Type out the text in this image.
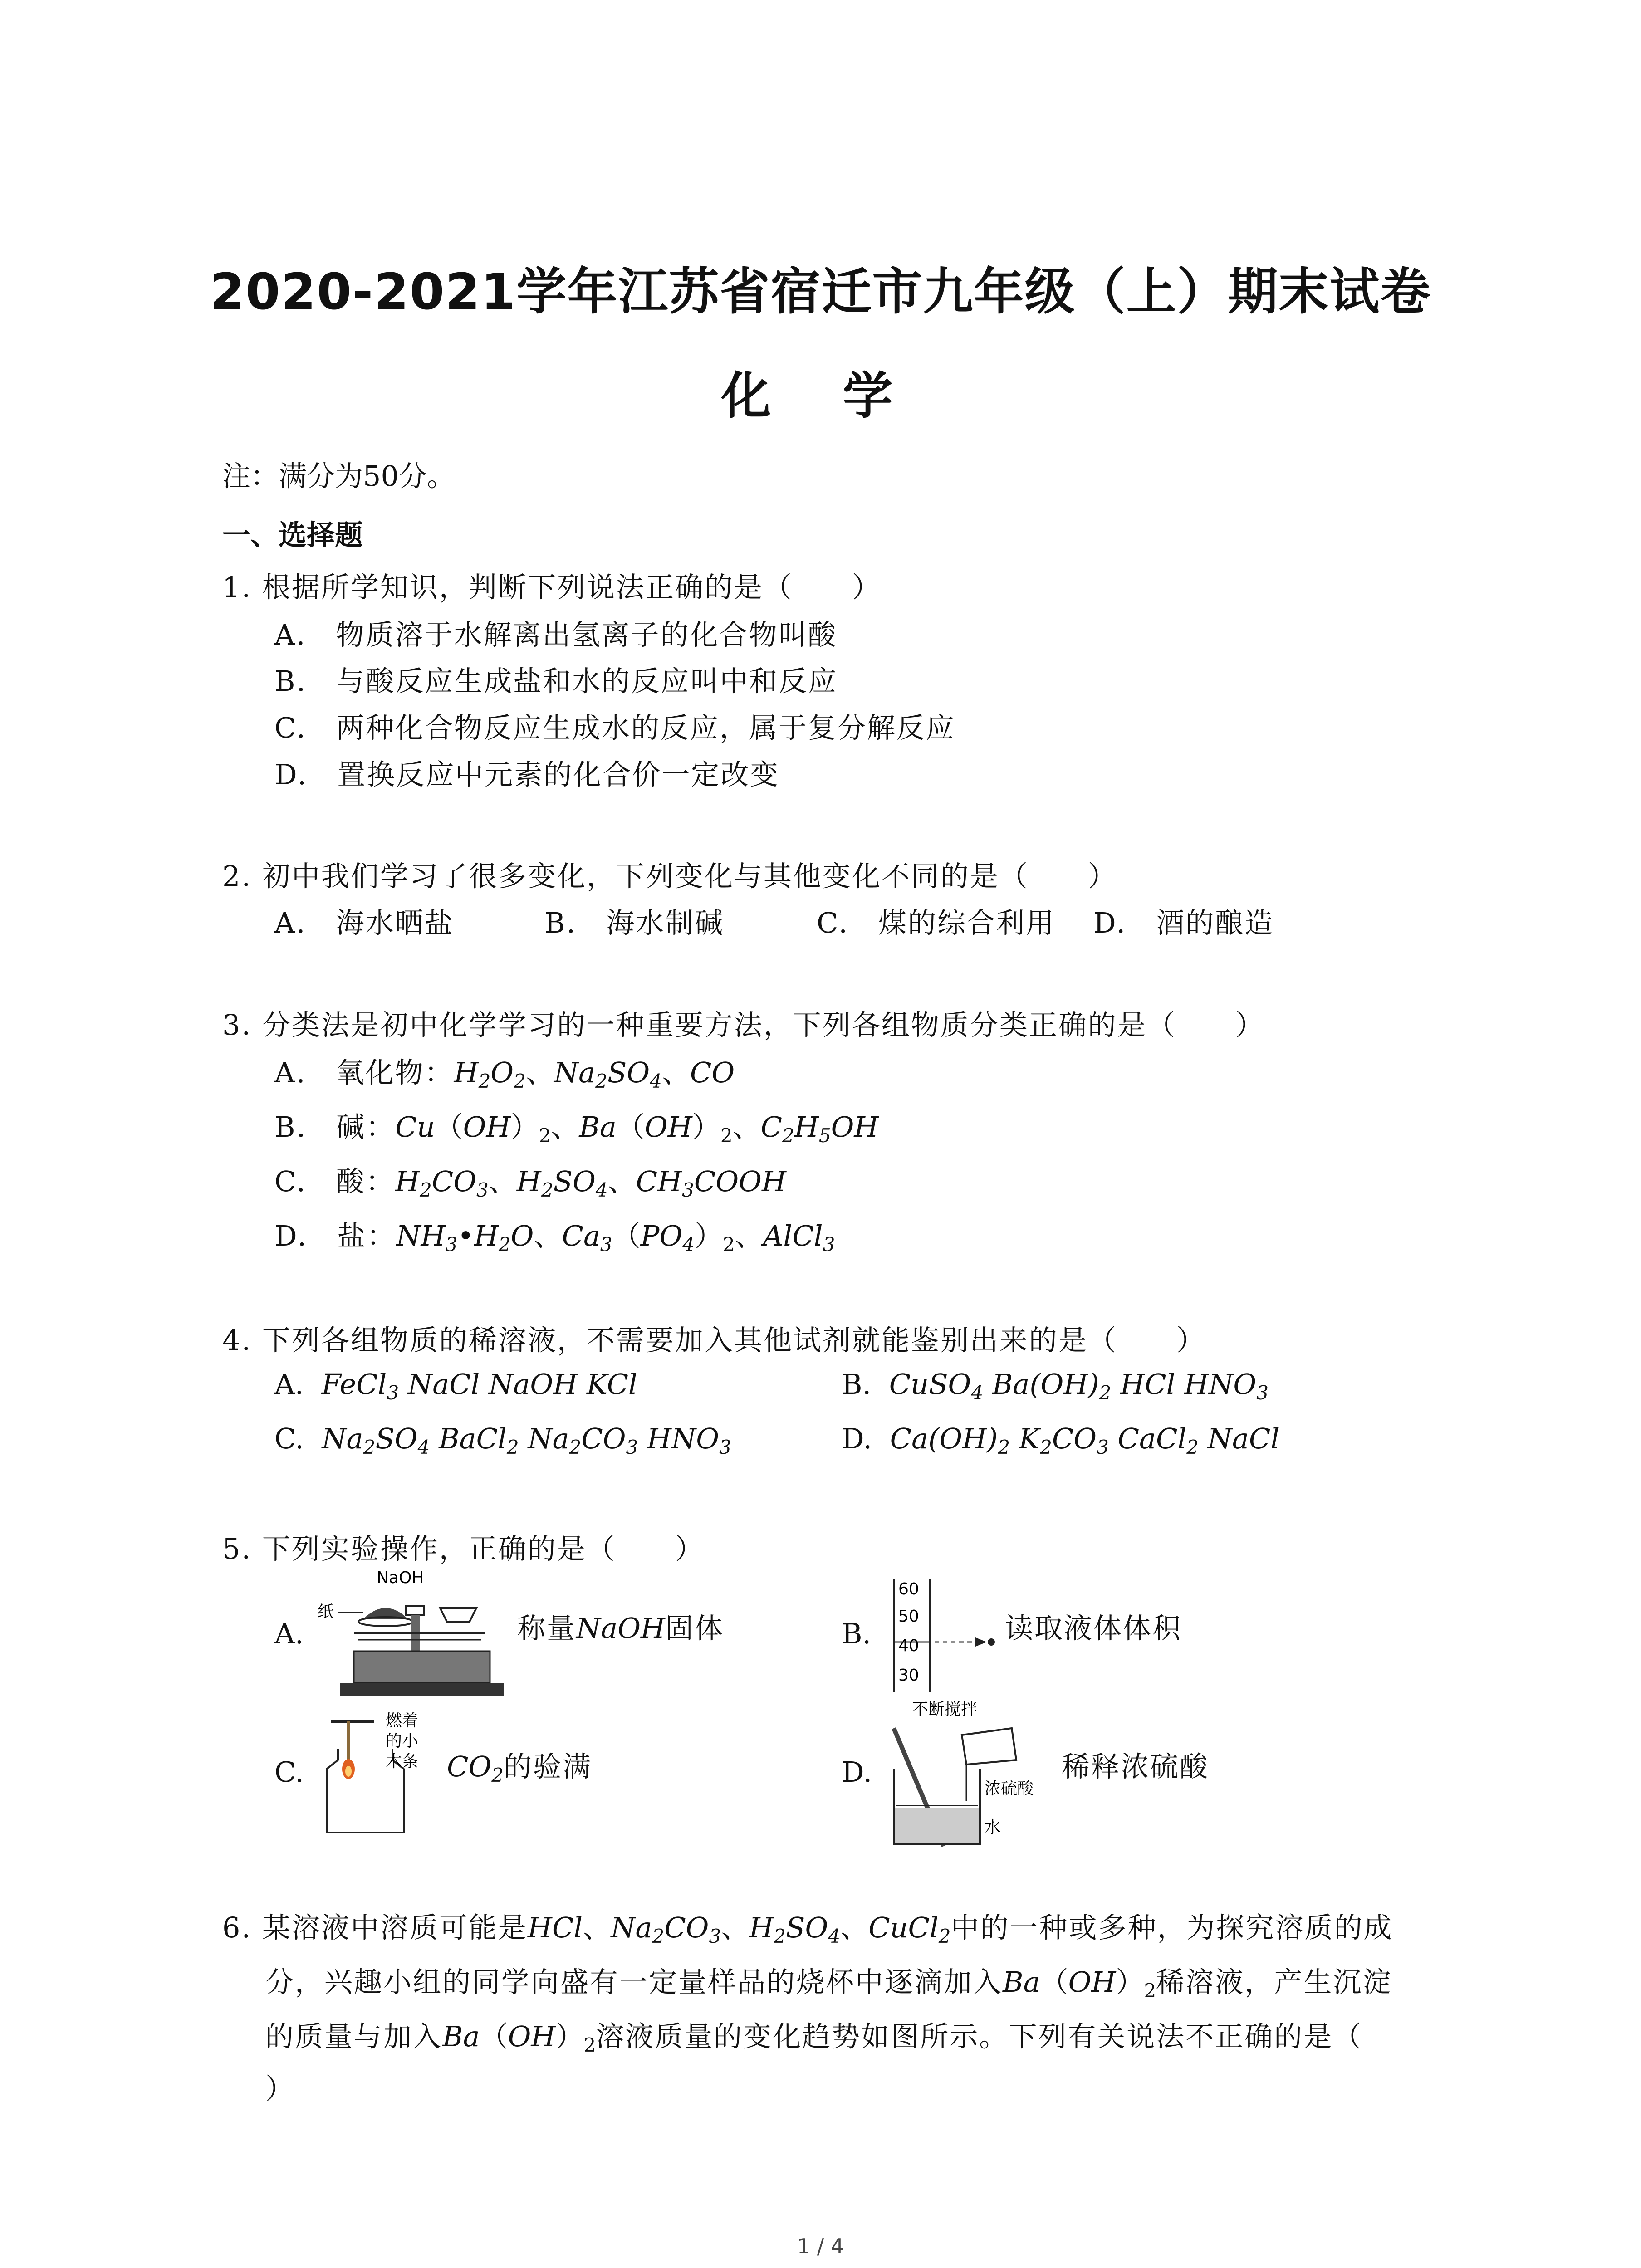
2020-2021学年江苏省宿迁市九年级（上）期末试卷
化 学
注：满分为50分。
一、选择题
1. 根据所学知识，判断下列说法正确的是（　　）
A.　物质溶于水解离出氢离子的化合物叫酸
B.　与酸反应生成盐和水的反应叫中和反应
C.　两种化合物反应生成水的反应，属于复分解反应
D.　置换反应中元素的化合价一定改变
2. 初中我们学习了很多变化，下列变化与其他变化不同的是（　　）
A.　海水晒盐	B.　海水制碱	C.　煤的综合利用 D.　酒的酿造
3. 分类法是初中化学学习的一种重要方法，下列各组物质分类正确的是（　　）
A.　氧化物：$H_2O_2$、$Na_2SO_4$、CO
B.　碱：$Cu(OH)_2$、$Ba(OH)_2$、$C_2H_5OH$
C.　酸：$H_2CO_3$、$H_2SO_4$、$CH_3COOH$
D.　盐：$NH_3•H_2O$、$Ca_3(PO_4)_2$、AlCl$_3$
4. 下列各组物质的稀溶液，不需要加入其他试剂就能鉴别出来的是（　　）
A. FeCl$_3$ NaCl NaOH KCl	B. CuSO$_4$ $Ba(OH)_2$ HCl $HNO_3$
C. $Na_2SO_4$ BaCl$_2$ $Na_2CO_3$ $HNO_3$	D. $Ca(OH)_2$ $K_2CO_3$ CaCl$_2$ NaCl
5. 下列实验操作，正确的是（　　）
A.
NaOH
纸	称量NaOH固体	B.
60
50
40
30
读取液体体积
C.
燃着
的小
木条 $CO_2$的验满	D.
不断搅拌
浓硫酸
水
稀释浓硫酸
6. 某溶液中溶质可能是HCl、$Na_2CO_3$、$H_2SO_4$、CuCl$_2$中的一种或多种，为探究溶质的成
分，兴趣小组的同学向盛有一定量样品的烧杯中逐滴加入$Ba(OH)_2$稀溶液，产生沉淀
的质量与加入$Ba(OH)_2$溶液质量的变化趋势如图所示。下列有关说法不正确的是（
）
1 / 4
